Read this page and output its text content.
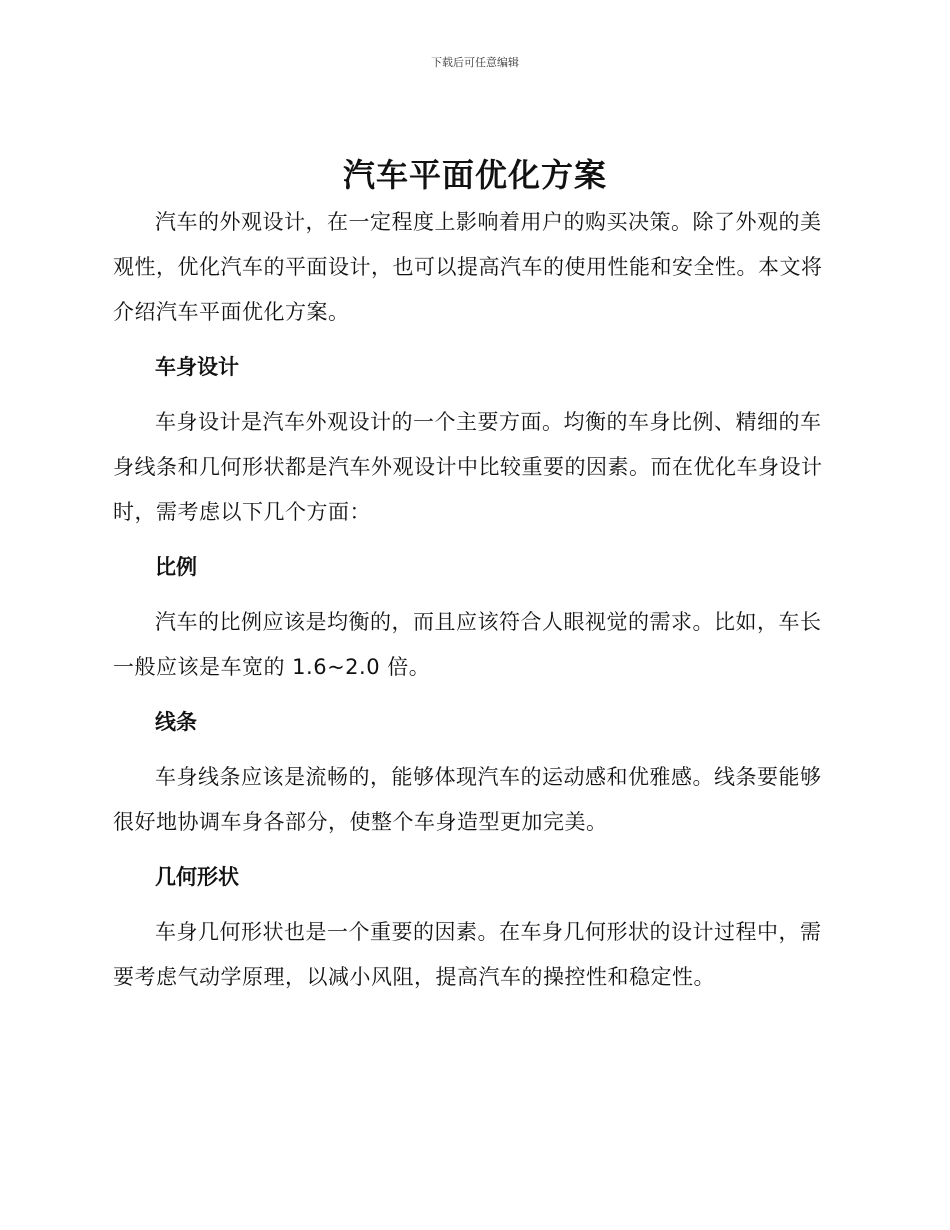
下载后可任意编辑
汽车平面优化方案

汽车的外观设计，在一定程度上影响着用户的购买决策。除了外观的美观性，优化汽车的平面设计，也可以提高汽车的使用性能和安全性。本文将介绍汽车平面优化方案。

车身设计

车身设计是汽车外观设计的一个主要方面。均衡的车身比例、精细的车身线条和几何形状都是汽车外观设计中比较重要的因素。而在优化车身设计时，需考虑以下几个方面：

比例

汽车的比例应该是均衡的，而且应该符合人眼视觉的需求。比如，车长一般应该是车宽的 1.6~2.0 倍。

线条

车身线条应该是流畅的，能够体现汽车的运动感和优雅感。线条要能够很好地协调车身各部分，使整个车身造型更加完美。

几何形状

车身几何形状也是一个重要的因素。在车身几何形状的设计过程中，需要考虑气动学原理，以减小风阻，提高汽车的操控性和稳定性。
